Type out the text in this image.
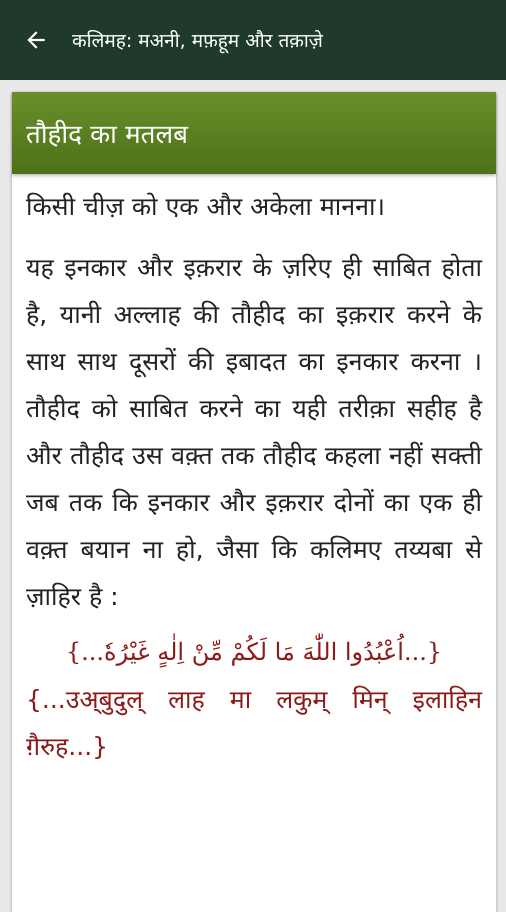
कलिमह: मअनी, मफ़हूम और तक़ाज़े
तौहीद का मतलब

किसी चीज़ को एक और अकेला मानना।

यह इनकार और इक़रार के ज़रिए ही साबित होता है, यानी अल्लाह की तौहीद का इक़रार करने के साथ साथ दूसरों की इबादत का इनकार करना । तौहीद को साबित करने का यही तरीक़ा सहीह है और तौहीद उस वक़्त तक तौहीद कहला नहीं सक्ती जब तक कि इनकार और इक़रार दोनों का एक ही वक़्त बयान ना हो, जैसा कि कलिमए तय्यबा से ज़ाहिर है :

{...اُعْبُدُوا اللّٰهَ مَا لَكُمْ مِّنْ اِلٰهٍ غَيْرُهٗ...}
{...उअ्बुदुल् लाह मा लकुम् मिन् इलाहिन ग़ैरुह...}
